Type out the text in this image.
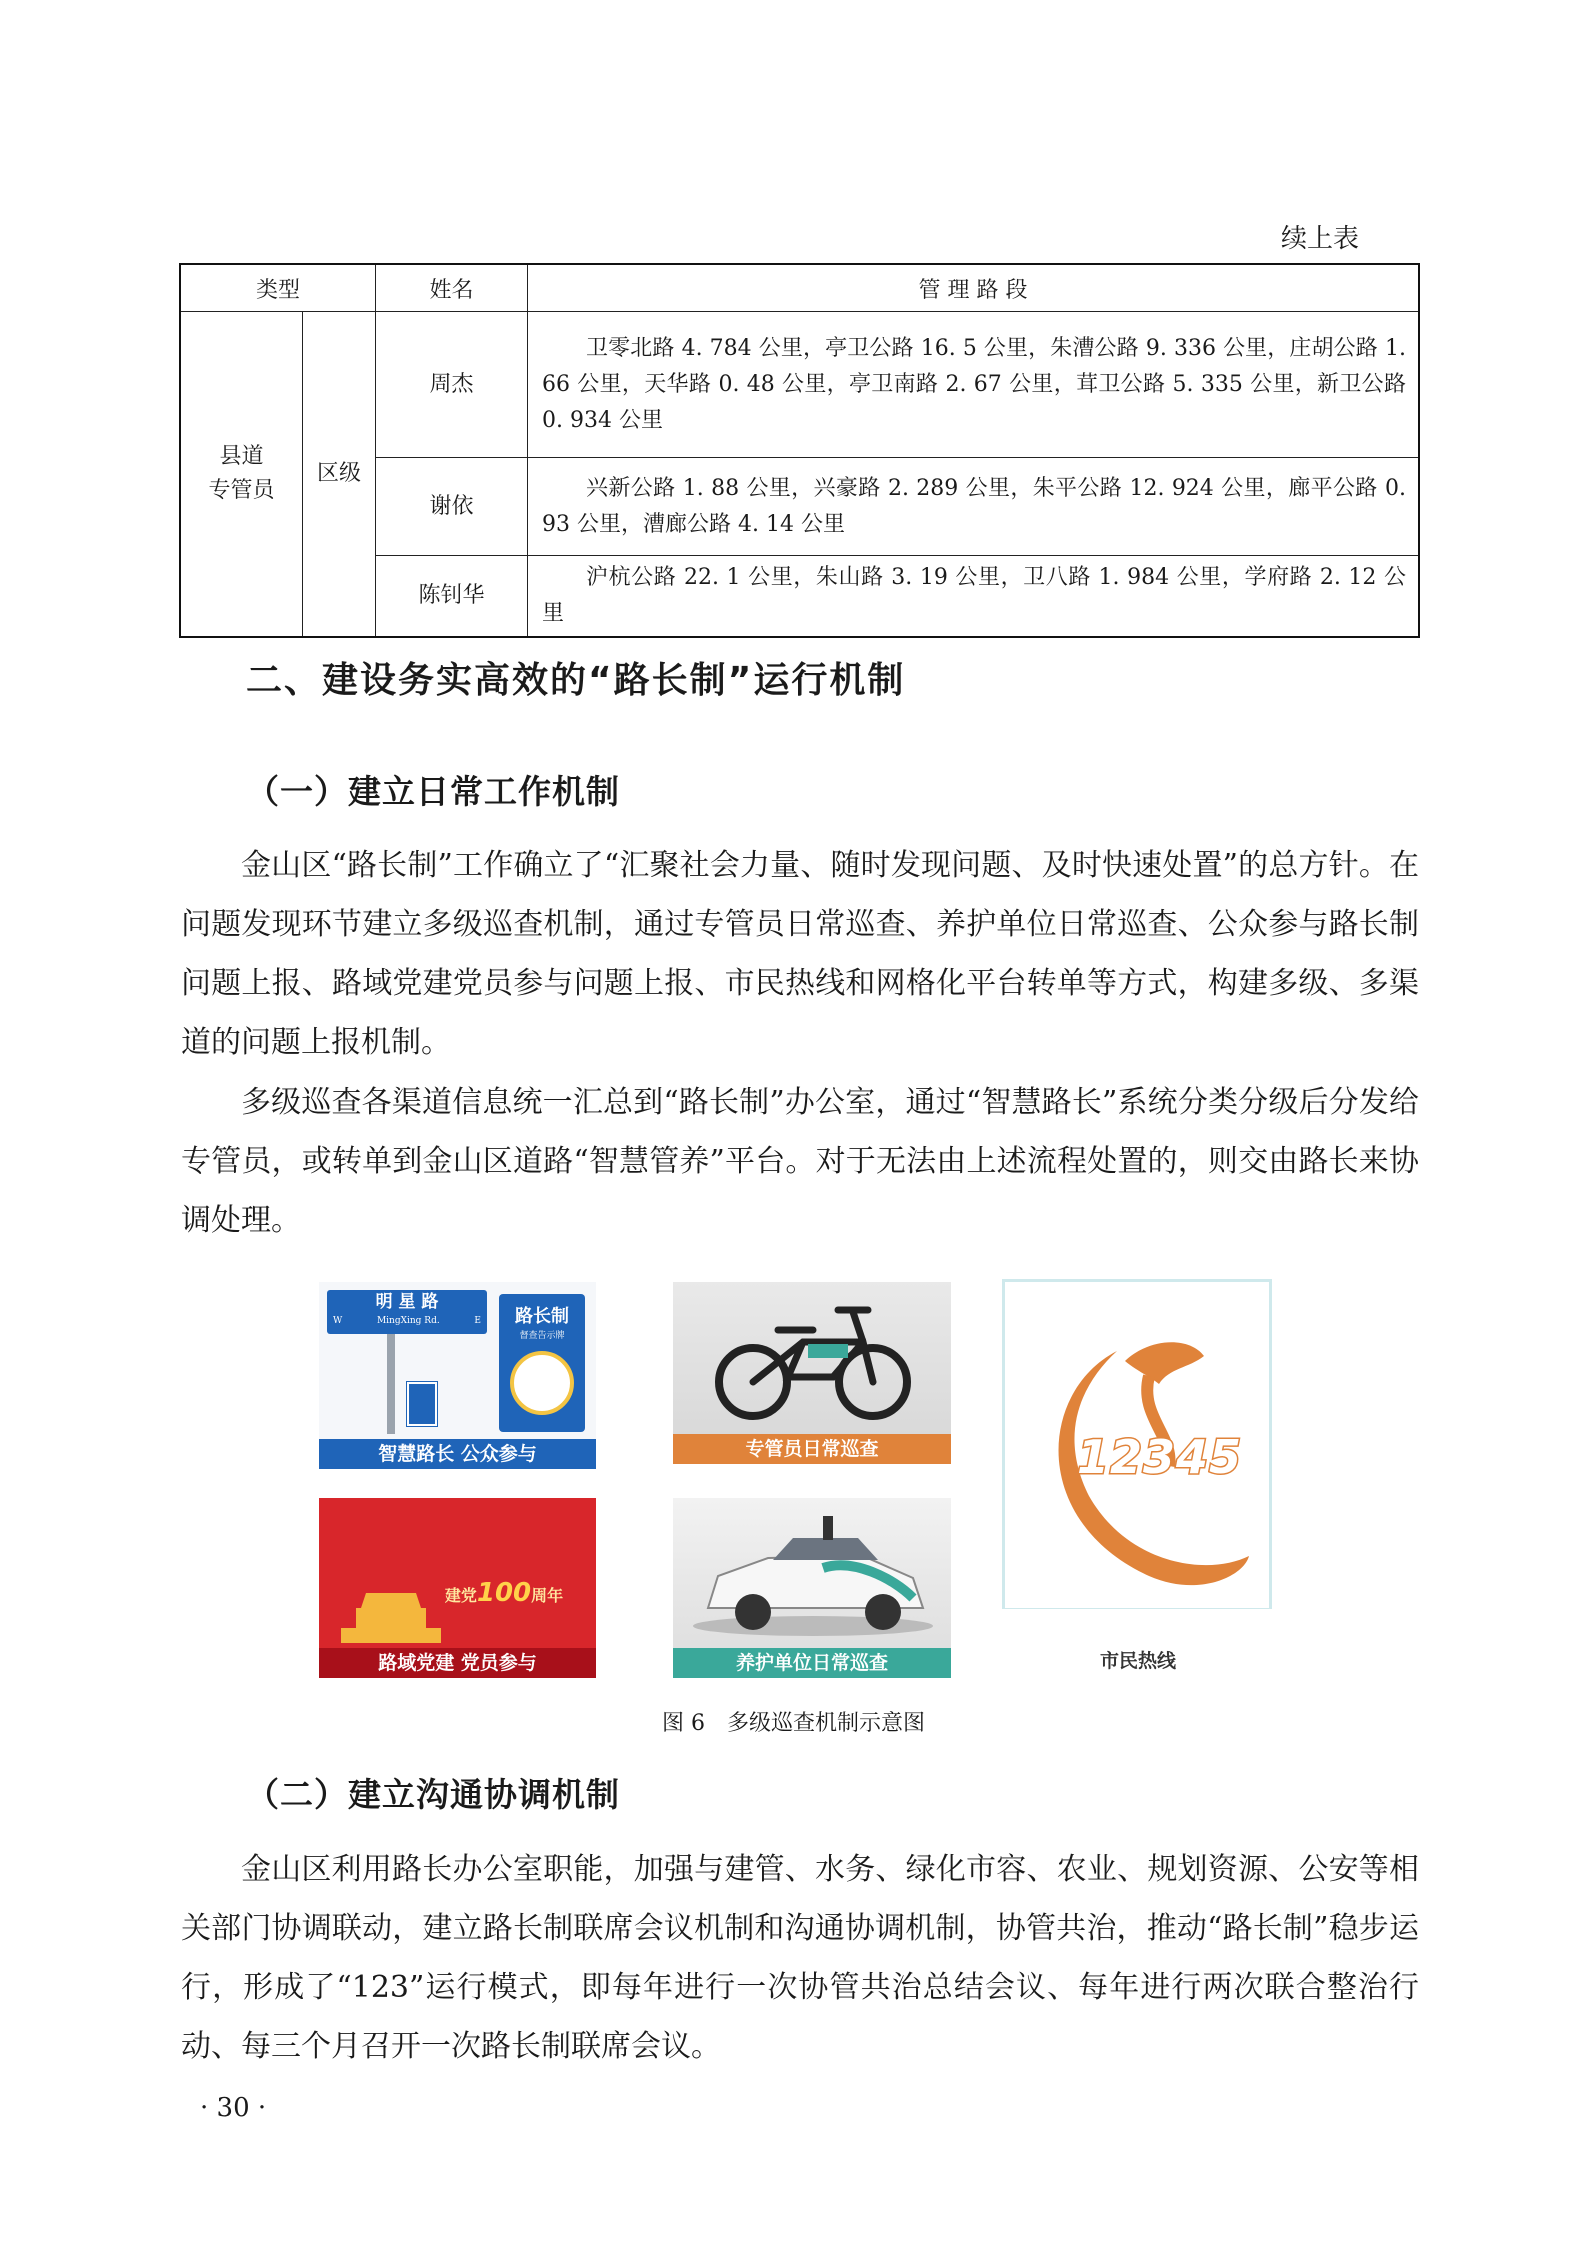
续上表
类型		姓名	管 理 路 段
县道
专管员	区级	周杰	卫零北路 4. 784 公里，亭卫公路 16. 5 公里，朱漕公路 9. 336 公里，庄胡公路 1. 66 公里，天华路 0. 48 公里，亭卫南路 2. 67 公里，茸卫公路 5. 335 公里，新卫公路 0. 934 公里

		谢依	兴新公路 1. 88 公里，兴豪路 2. 289 公里，朱平公路 12. 924 公里，廊平公路 0. 93 公里，漕廊公路 4. 14 公里

		陈钊华	沪杭公路 22. 1 公里，朱山路 3. 19 公里，卫八路 1. 984 公里，学府路 2. 12 公里
二、建设务实高效的“路长制”运行机制
（一）建立日常工作机制
金山区“路长制”工作确立了“汇聚社会力量、随时发现问题、及时快速处置”的总方针。在问题发现环节建立多级巡查机制，通过专管员日常巡查、养护单位日常巡查、公众参与路长制问题上报、路域党建党员参与问题上报、市民热线和网格化平台转单等方式，构建多级、多渠道的问题上报机制。
多级巡查各渠道信息统一汇总到“路长制”办公室，通过“智慧路长”系统分类分级后分发给专管员，或转单到金山区道路“智慧管养”平台。对于无法由上述流程处置的，则交由路长来协调处理。
明 星 路
W	MingXing Rd.	E	路长制
督查告示牌
智慧路长 公众参与	专管员日常巡查	12345
市民热线
建党100周年
路域党建 党员参与	养护单位日常巡查
图 6　多级巡查机制示意图
（二）建立沟通协调机制
金山区利用路长办公室职能，加强与建管、水务、绿化市容、农业、规划资源、公安等相关部门协调联动，建立路长制联席会议机制和沟通协调机制，协管共治，推动“路长制”稳步运行，形成了“123”运行模式，即每年进行一次协管共治总结会议、每年进行两次联合整治行动、每三个月召开一次路长制联席会议。
· 30 ·
